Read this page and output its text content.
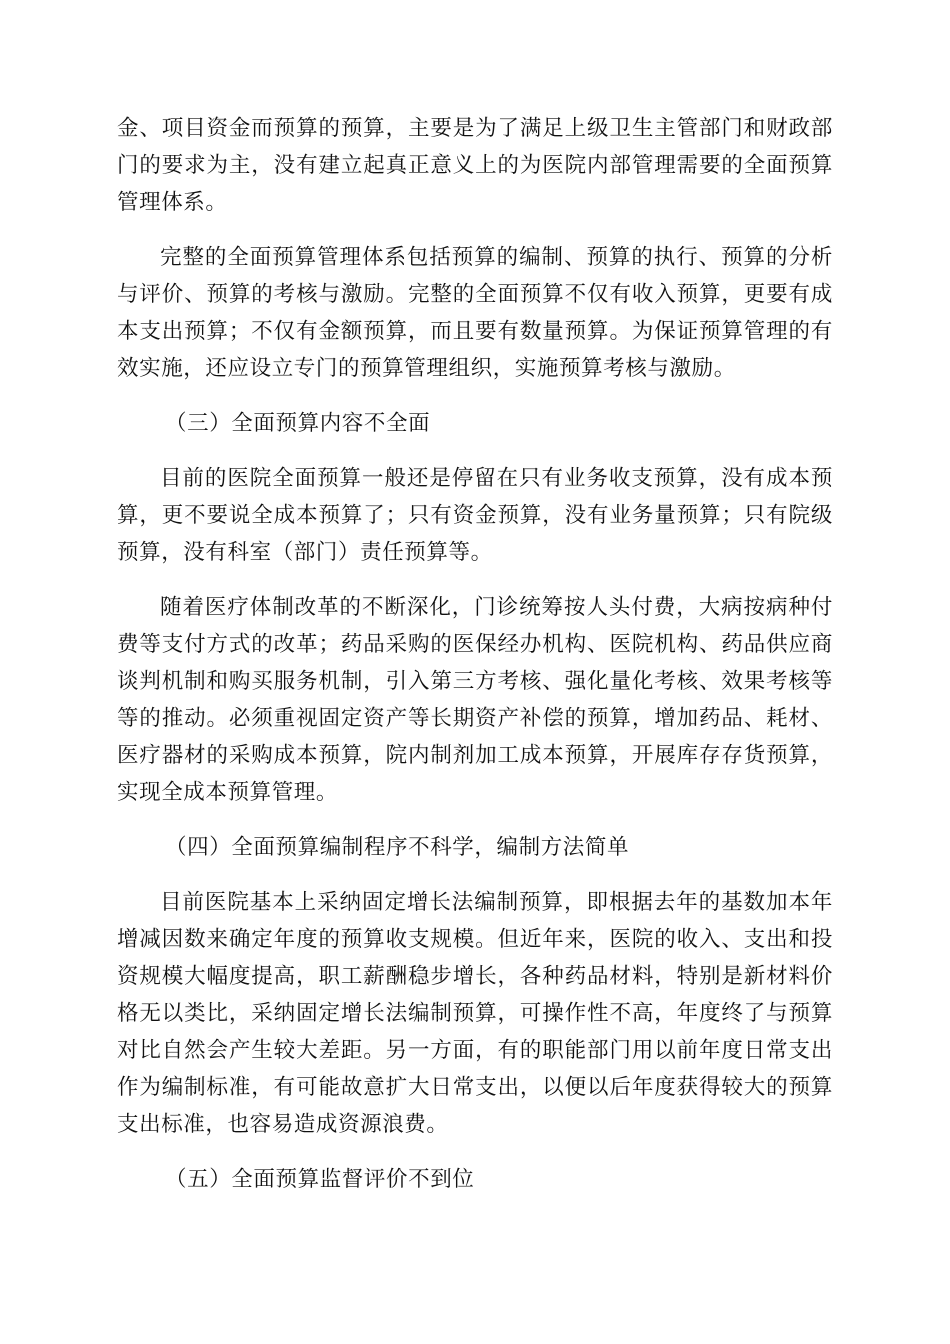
金、项目资金而预算的预算，主要是为了满足上级卫生主管部门和财政部门的要求为主，没有建立起真正意义上的为医院内部管理需要的全面预算管理体系。

完整的全面预算管理体系包括预算的编制、预算的执行、预算的分析与评价、预算的考核与激励。完整的全面预算不仅有收入预算，更要有成本支出预算；不仅有金额预算，而且要有数量预算。为保证预算管理的有效实施，还应设立专门的预算管理组织，实施预算考核与激励。

（三）全面预算内容不全面

目前的医院全面预算一般还是停留在只有业务收支预算，没有成本预算，更不要说全成本预算了；只有资金预算，没有业务量预算；只有院级预算，没有科室（部门）责任预算等。

随着医疗体制改革的不断深化，门诊统筹按人头付费，大病按病种付费等支付方式的改革；药品采购的医保经办机构、医院机构、药品供应商谈判机制和购买服务机制，引入第三方考核、强化量化考核、效果考核等等的推动。必须重视固定资产等长期资产补偿的预算，增加药品、耗材、医疗器材的采购成本预算，院内制剂加工成本预算，开展库存存货预算，实现全成本预算管理。

（四）全面预算编制程序不科学，编制方法简单

目前医院基本上采纳固定增长法编制预算，即根据去年的基数加本年增减因数来确定年度的预算收支规模。但近年来，医院的收入、支出和投资规模大幅度提高，职工薪酬稳步增长，各种药品材料，特别是新材料价格无以类比，采纳固定增长法编制预算，可操作性不高，年度终了与预算对比自然会产生较大差距。另一方面，有的职能部门用以前年度日常支出作为编制标准，有可能故意扩大日常支出，以便以后年度获得较大的预算支出标准，也容易造成资源浪费。

（五）全面预算监督评价不到位
